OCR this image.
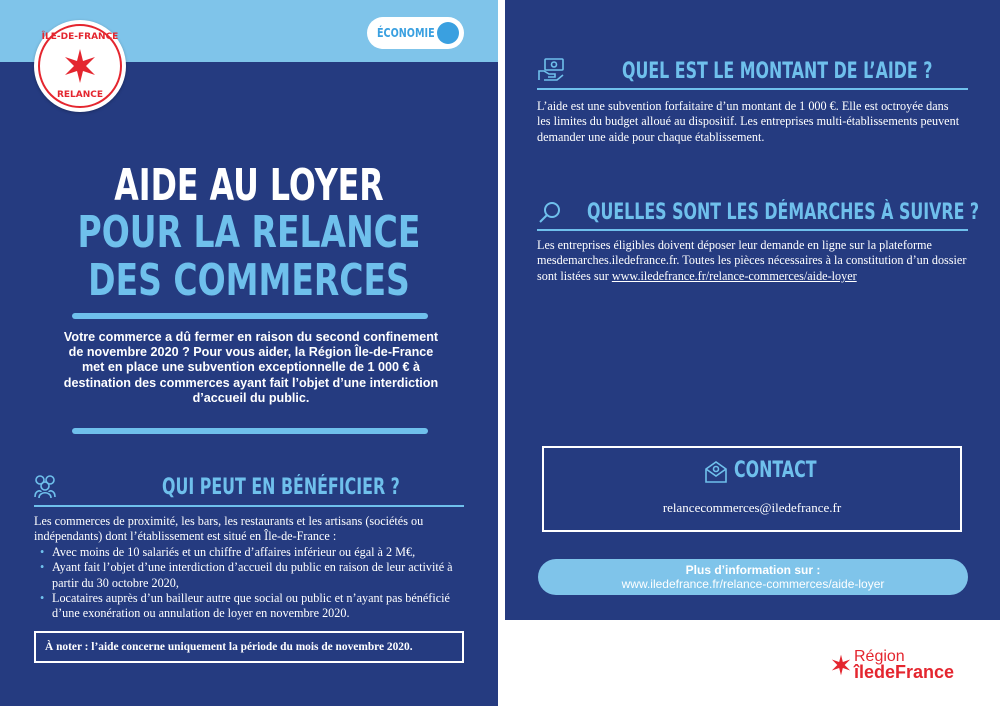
ÎLE-DE-FRANCE
RELANCE
ÉCONOMIE
AIDE AU LOYER
POUR LA RELANCE
DES COMMERCES
Votre commerce a dû fermer en raison du second confinement de novembre 2020 ? Pour vous aider, la Région Île-de-France met en place une subvention exceptionnelle de 1 000 € à destination des commerces ayant fait l’objet d’une interdiction d’accueil du public.
QUI PEUT EN BÉNÉFICIER ?
Les commerces de proximité, les bars, les restaurants et les artisans (sociétés ou indépendants) dont l’établissement est situé en Île-de-France :
• Avec moins de 10 salariés et un chiffre d’affaires inférieur ou égal à 2 M€,
• Ayant fait l’objet d’une interdiction d’accueil du public en raison de leur activité à partir du 30 octobre 2020,
• Locataires auprès d’un bailleur autre que social ou public et n’ayant pas bénéficié d’une exonération ou annulation de loyer en novembre 2020.
À noter : l’aide concerne uniquement la période du mois de novembre 2020.
QUEL EST LE MONTANT DE L’AIDE ?
L’aide est une subvention forfaitaire d’un montant de 1 000 €. Elle est octroyée dans les limites du budget alloué au dispositif. Les entreprises multi-établissements peuvent demander une aide pour chaque établissement.
QUELLES SONT LES DÉMARCHES À SUIVRE ?
Les entreprises éligibles doivent déposer leur demande en ligne sur la plateforme mesdemarches.iledefrance.fr. Toutes les pièces nécessaires à la constitution d’un dossier sont listées sur www.iledefrance.fr/relance-commerces/aide-loyer
CONTACT
relancecommerces@iledefrance.fr
Plus d’information sur :
www.iledefrance.fr/relance-commerces/aide-loyer
Région
îledeFrance
